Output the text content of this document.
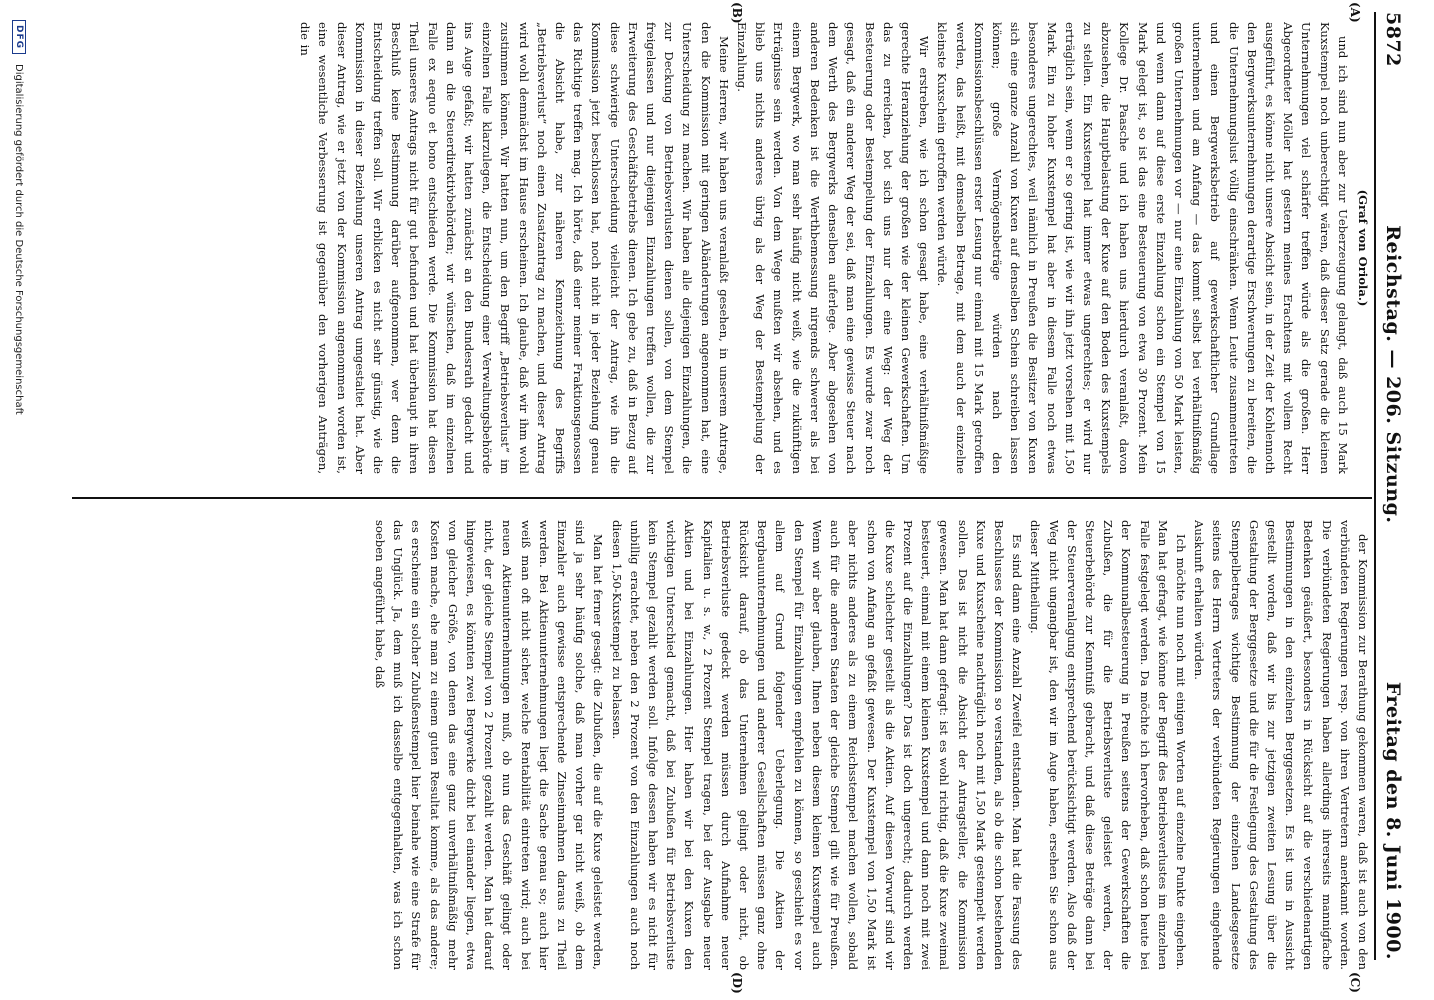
5872
Reichstag. — 206. Sitzung.
Freitag den 8. Juni 1900.
(A)
(B)
(C)
(D)

(Graf von Oriola.)

und ich sind nun aber zur Ueberzeugung gelangt, daß auch 15 Mark Kuxstempel noch unberechtigt wären, daß dieser Satz gerade die kleinen Unternehmungen viel schärfer treffen würde als die großen. Herr Abgeordneter Möller hat gestern meines Erachtens mit vollem Recht ausgeführt, es könne nicht unsere Absicht sein, in der Zeit der Kohlennoth den Bergwerksunternehmungen derartige Erschwerungen zu bereiten, die die Unternehmungslust völlig einschränken. Wenn Leute zusammentreten und einen Bergwerksbetrieb auf gewerkschaftlicher Grundlage unternehmen und am Anfang — das kommt selbst bei verhältnißmäßig großen Unternehmungen vor — nur eine Einzahlung von 50 Mark leisten, und wenn dann auf diese erste Einzahlung schon ein Stempel von 15 Mark gelegt ist, so ist das eine Besteuerung von etwa 30 Prozent. Mein Kollege Dr. Paasche und ich haben uns hierdurch veranlaßt, davon abzusehen, die Hauptbelastung der Kuxe auf den Boden des Kuxstempels zu stellen. Ein Kuxstempel hat immer etwas ungerechtes; er wird nur erträglich sein, wenn er so gering ist, wie wir ihn jetzt vorsehen mit 1,50 Mark. Ein zu hoher Kuxstempel hat aber in diesem Falle noch etwas besonderes ungerechtes, weil nämlich in Preußen die Besitzer von Kuxen sich eine ganze Anzahl von Kuxen auf denselben Schein schreiben lassen können; große Vermögensbeträge würden nach den Kommissionsbeschlüssen erster Lesung nur einmal mit 15 Mark getroffen werden, das heißt, mit demselben Betrage, mit dem auch der einzelne kleinste Kuxschein getroffen werden würde.

Wir erstreben, wie ich schon gesagt habe, eine verhältnißmäßige gerechte Heranziehung der großen wie der kleinen Gewerkschaften. Um das zu erreichen, bot sich uns nur der eine Weg: der Weg der Besteuerung oder Bestempelung der Einzahlungen. Es wurde zwar noch gesagt, daß ein anderer Weg der sei, daß man eine gewisse Steuer nach dem Werth des Bergwerks denselben auferlege. Aber abgesehen von anderen Bedenken ist die Werthbemessung nirgends schwerer als bei einem Bergwerk, wo man sehr häufig nicht weiß, wie die zukünftigen Erträgnisse sein werden. Von dem Wege mußten wir absehen, und es blieb uns nichts anderes übrig als der Weg der Bestempelung der Einzahlung.

Meine Herren, wir haben uns veranlaßt gesehen, in unserem Antrage, den die Kommission mit geringen Abänderungen angenommen hat, eine Unterscheidung zu machen. Wir haben alle diejenigen Einzahlungen, die zur Deckung von Betriebsverlusten dienen sollen, von dem Stempel freigelassen und nur diejenigen Einzahlungen treffen wollen, die zur Erweiterung des Geschäftsbetriebs dienen. Ich gebe zu, daß in Bezug auf diese schwierige Unterscheidung vielleicht der Antrag, wie ihn die Kommission jetzt beschlossen hat, noch nicht in jeder Beziehung genau das Richtige treffen mag. Ich hörte, daß einer meiner Fraktionsgenossen die Absicht habe, zur näheren Kennzeichnung des Begriffs „Betriebsverlust“ noch einen Zusatzantrag zu machen, und dieser Antrag wird wohl demnächst im Hause erscheinen. Ich glaube, daß wir ihm wohl zustimmen können. Wir hatten nun, um den Begriff „Betriebsverlust“ im einzelnen Falle klarzulegen, die Entscheidung einer Verwaltungsbehörde ins Auge gefaßt; wir hatten zunächst an den Bundesrath gedacht und dann an die Steuerdirektivbehörden; wir wünschen, daß im einzelnen Falle ex aequo et bono entschieden werde. Die Kommission hat diesen Theil unseres Antrags nicht für gut befunden und hat überhaupt in ihren Beschluß keine Bestimmung darüber aufgenommen, wer denn die Entscheidung treffen soll. Wir erblicken es nicht sehr günstig, wie die Kommission in dieser Beziehung unseren Antrag umgestaltet hat. Aber dieser Antrag, wie er jetzt von der Kommission angenommen worden ist, eine wesentliche Verbesserung ist gegenüber den vorherigen Anträgen, die in

der Kommission zur Berathung gekommen waren, daß ist auch von den verbündeten Regierungen resp. von ihren Vertretern anerkannt worden. Die verbündeten Regierungen haben allerdings ihrerseits mannigfache Bedenken geäußert, besonders in Rücksicht auf die verschiedenartigen Bestimmungen in den einzelnen Berggesetzen. Es ist uns in Aussicht gestellt worden, daß wir bis zur jetzigen zweiten Lesung über die Gestaltung der Berggesetze und die für die Festlegung des Gestaltung des Stempelbetrages wichtige Bestimmung der einzelnen Landesgesetze seitens des Herrn Vertreters der verbündeten Regierungen eingehende Auskunft erhalten würden.

Ich möchte nun noch mit einigen Worten auf einzelne Punkte eingehen. Man hat gefragt, wie könne der Begriff des Betriebsverlustes im einzelnen Falle festgelegt werden. Da möchte ich hervorheben, daß schon heute bei der Kommunalbesteuerung in Preußen seitens der Gewerkschaften die Zubußen, die für die Betriebsverluste geleistet werden, der Steuerbehörde zur Kenntniß gebracht, und daß diese Beträge dann bei der Steuerveranlagung entsprechend berücksichtigt werden. Also daß der Weg nicht ungangbar ist, den wir im Auge haben, ersehen Sie schon aus dieser Mittheilung.

Es sind dann eine Anzahl Zweifel entstanden. Man hat die Fassung des Beschlusses der Kommission so verstanden, als ob die schon bestehenden Kuxe und Kuxscheine nachträglich noch mit 1,50 Mark gestempelt werden sollen. Das ist nicht die Absicht der Antragsteller, die Kommission gewesen. Man hat dann gefragt: ist es wohl richtig, daß die Kuxe zweimal besteuert, einmal mit einem kleinen Kuxstempel und dann noch mit zwei Prozent auf die Einzahlungen? Das ist doch ungerecht; dadurch werden die Kuxe schlechter gestellt als die Aktien. Auf diesen Vorwurf sind wir schon von Anfang an gefaßt gewesen. Der Kuxstempel von 1,50 Mark ist aber nichts anderes als zu einem Reichsstempel machen wollen, sobald auch für die anderen Staaten der gleiche Stempel gilt wie für Preußen. Wenn wir aber glauben, Ihnen neben diesem kleinen Kuxstempel auch den Stempel für Einzahlungen empfehlen zu können, so geschieht es vor allem auf Grund folgender Ueberlegung. Die Aktien der Bergbauunternehmungen und anderer Gesellschaften müssen ganz ohne Rücksicht darauf, ob das Unternehmen gelingt oder nicht, ob Betriebsverluste gedeckt werden müssen durch Aufnahme neuer Kapitalien u. s. w., 2 Prozent Stempel tragen, bei der Ausgabe neuer Aktien und bei Einzahlungen. Hier haben wir bei den Kuxen den wichtigen Unterschied gemacht, daß bei Zubußen für Betriebsverluste kein Stempel gezahlt werden soll. Infolge dessen haben wir es nicht für unbillig erachtet, neben den 2 Prozent von den Einzahlungen auch noch diesen 1,50-Kuxstempel zu belassen.

Man hat ferner gesagt: die Zubußen, die auf die Kuxe geleistet werden, sind ja sehr häufig solche, daß man vorher gar nicht weiß, ob dem Einzahler auch gewisse entsprechende Zinseinnahmen daraus zu Theil werden. Bei Aktienunternehmungen liegt die Sache genau so; auch hier weiß man oft nicht sicher, welche Rentabilität eintreten wird; auch bei neuen Aktienunternehmungen muß, ob nun das Geschäft gelingt oder nicht, der gleiche Stempel von 2 Prozent gezahlt werden. Man hat darauf hingewiesen, es könnten zwei Bergwerke dicht bei einander liegen, etwa von gleicher Größe, von denen das eine ganz unverhältnißmäßig mehr Kosten mache, ehe man zu einem guten Resultat komme, als das andere; es erscheine ein solcher Zubußenstempel hier beinahe wie eine Strafe für das Unglück. Ja, dem muß ich dasselbe entgegenhalten, was ich schon soeben angeführt habe, daß

DFG
Digitalisierung gefördert durch die Deutsche Forschungsgemeinschaft
